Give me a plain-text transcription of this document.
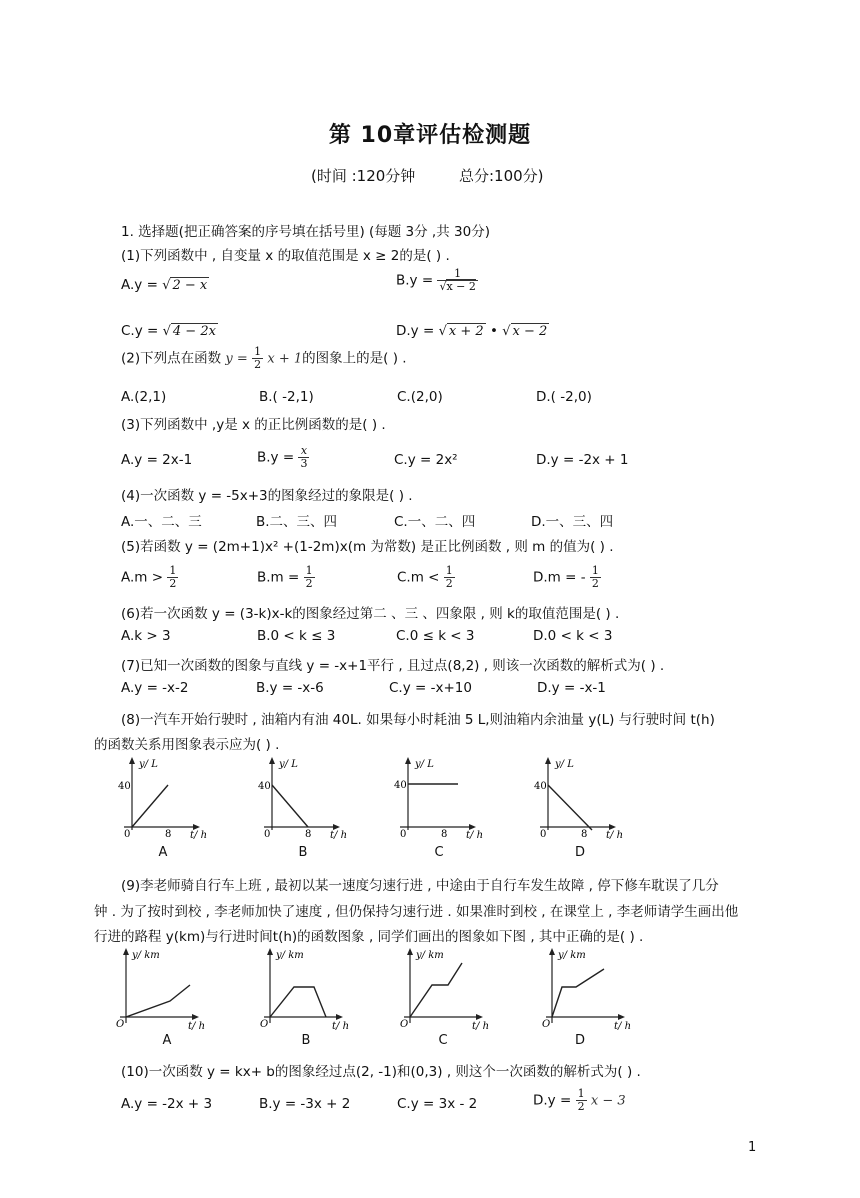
第 10章评估检测题
(时间 :120分钟	总分:100分)
1. 选择题(把正确答案的序号填在括号里) (每题 3分 ,共 30分)
(1)下列函数中 , 自变量 x 的取值范围是 x ≥ 2的是( ) .
A.y = √ 2 − x	$B.y = \frac{1}{√x - 2}$
C.y = √ 4 − 2x	D.y = √ x + 2 • √ x − 2
(2)下列点在函数 $y = \frac{1}{2}$ x + 1的图象上的是( ) .
A.(2,1)	B.( -2,1)	C.(2,0)	D.( -2,0)
(3)下列函数中 ,y是 x 的正比例函数的是( ) .
A.y = 2x-1	$B.y = \frac{x}{3}$	C.y = 2x²	D.y = -2x + 1
(4)一次函数 y = -5x+3的图象经过的象限是( ) .
A.一、二、三	B.二、三、四	C.一、二、四	D.一、三、四
(5)若函数 y = (2m+1)x² +(1-2m)x(m 为常数) 是正比例函数 , 则 m 的值为( ) .
$A.m > \frac{1}{2}$	$B.m = \frac{1}{2}$	$C.m < \frac{1}{2}$	D.m = - $\frac{1}{2}$
(6)若一次函数 y = (3-k)x-k的图象经过第二 、三 、四象限 , 则 k的取值范围是( ) .
A.k > 3	B.0 < k ≤ 3	C.0 ≤ k < 3	D.0 < k < 3
(7)已知一次函数的图象与直线 y = -x+1平行 , 且过点(8,2) , 则该一次函数的解析式为( ) .
A.y = -x-2	B.y = -x-6	C.y = -x+10	D.y = -x-1
(8)一汽车开始行驶时 , 油箱内有油 40L. 如果每小时耗油 5 L,则油箱内余油量 y(L) 与行驶时间 t(h)
的函数关系用图象表示应为( ) .
y/ L
t/ h
40
8
0
y/ L
t/ h
40
8
0
y/ L
t/ h
40
8
0
y/ L
t/ h
40
8
0
A	B	C	D
(9)李老师骑自行车上班 , 最初以某一速度匀速行进 , 中途由于自行车发生故障 , 停下修车耽误了几分
钟 . 为了按时到校 , 李老师加快了速度 , 但仍保持匀速行进 . 如果准时到校 , 在课堂上 , 李老师请学生画出他
行进的路程 y(km)与行进时间t(h)的函数图象 , 同学们画出的图象如下图 , 其中正确的是( ) .
y/ km
t/ h
O
y/ km
t/ h
O
y/ km
t/ h
O
y/ km
t/ h
O
A	B	C	D
(10)一次函数 y = kx+ b的图象经过点(2, -1)和(0,3) , 则这个一次函数的解析式为( ) .
A.y = -2x + 3	B.y = -3x + 2	C.y = 3x - 2	$D.y = \frac{1}{2}$ x − 3
1
